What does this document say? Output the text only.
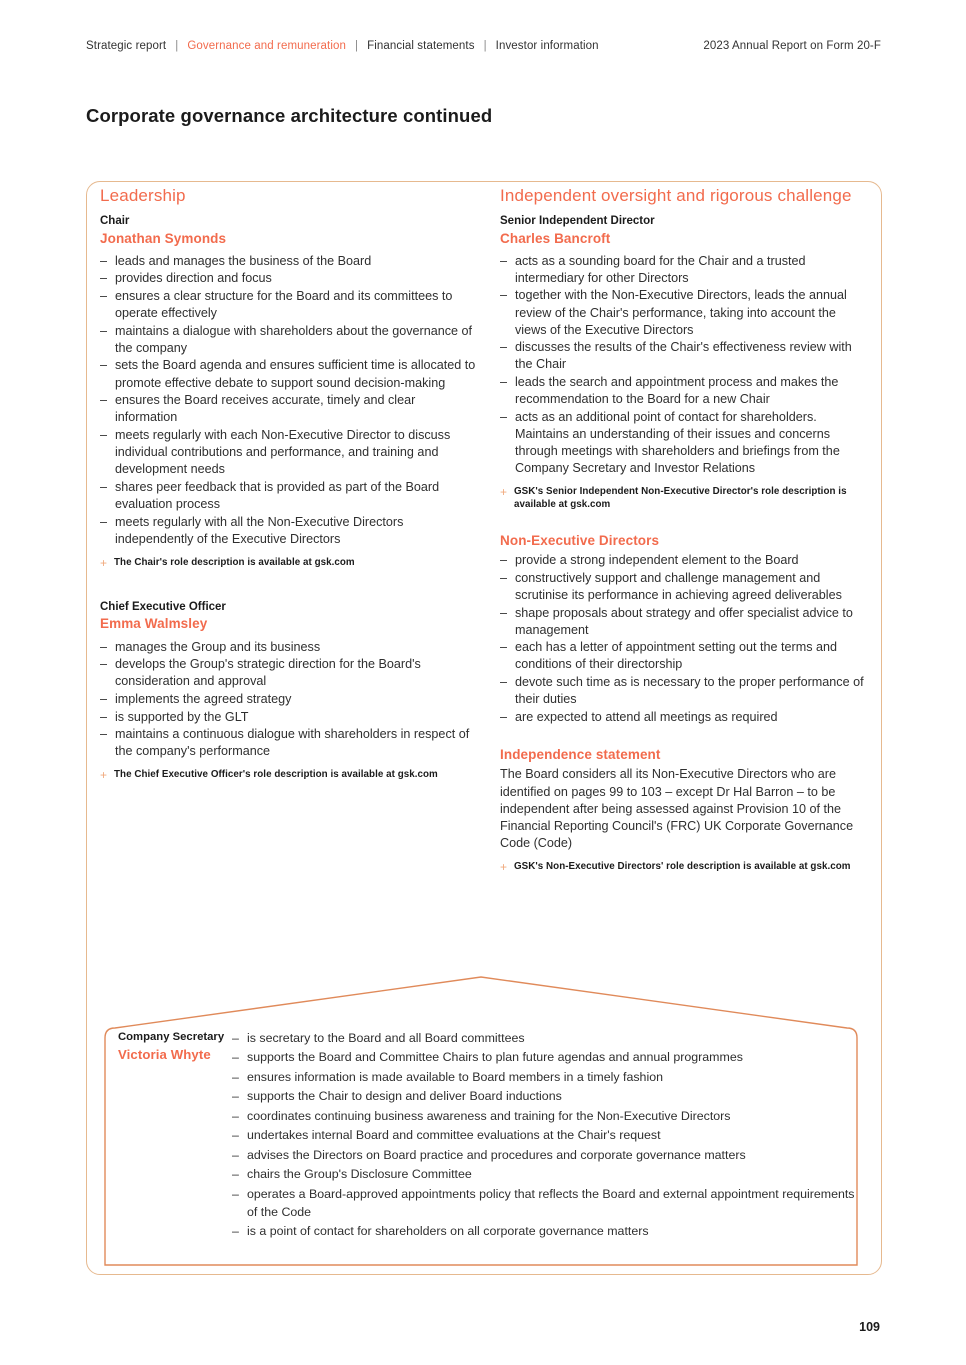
Strategic report | Governance and remuneration | Financial statements | Investor information	2023 Annual Report on Form 20-F
Corporate governance architecture continued
Leadership
Chair
Jonathan Symonds
– leads and manages the business of the Board
– provides direction and focus
– ensures a clear structure for the Board and its committees to operate effectively
– maintains a dialogue with shareholders about the governance of the company
– sets the Board agenda and ensures sufficient time is allocated to promote effective debate to support sound decision-making
– ensures the Board receives accurate, timely and clear information
– meets regularly with each Non-Executive Director to discuss individual contributions and performance, and training and development needs
– shares peer feedback that is provided as part of the Board evaluation process
– meets regularly with all the Non-Executive Directors independently of the Executive Directors
+ The Chair's role description is available at gsk.com
Chief Executive Officer
Emma Walmsley
– manages the Group and its business
– develops the Group's strategic direction for the Board's consideration and approval
– implements the agreed strategy
– is supported by the GLT
– maintains a continuous dialogue with shareholders in respect of the company's performance
+ The Chief Executive Officer's role description is available at gsk.com
Independent oversight and rigorous challenge
Senior Independent Director
Charles Bancroft
– acts as a sounding board for the Chair and a trusted intermediary for other Directors
– together with the Non-Executive Directors, leads the annual review of the Chair's performance, taking into account the views of the Executive Directors
– discusses the results of the Chair's effectiveness review with the Chair
– leads the search and appointment process and makes the recommendation to the Board for a new Chair
– acts as an additional point of contact for shareholders. Maintains an understanding of their issues and concerns through meetings with shareholders and briefings from the Company Secretary and Investor Relations
+ GSK's Senior Independent Non-Executive Director's role description is available at gsk.com
Non-Executive Directors
– provide a strong independent element to the Board
– constructively support and challenge management and scrutinise its performance in achieving agreed deliverables
– shape proposals about strategy and offer specialist advice to management
– each has a letter of appointment setting out the terms and conditions of their directorship
– devote such time as is necessary to the proper performance of their duties
– are expected to attend all meetings as required
Independence statement
The Board considers all its Non-Executive Directors who are identified on pages 99 to 103 – except Dr Hal Barron – to be independent after being assessed against Provision 10 of the Financial Reporting Council's (FRC) UK Corporate Governance Code (Code)
+ GSK's Non-Executive Directors' role description is available at gsk.com
Company Secretary
Victoria Whyte
– is secretary to the Board and all Board committees
– supports the Board and Committee Chairs to plan future agendas and annual programmes
– ensures information is made available to Board members in a timely fashion
– supports the Chair to design and deliver Board inductions
– coordinates continuing business awareness and training for the Non-Executive Directors
– undertakes internal Board and committee evaluations at the Chair's request
– advises the Directors on Board practice and procedures and corporate governance matters
– chairs the Group's Disclosure Committee
– operates a Board-approved appointments policy that reflects the Board and external appointment requirements of the Code
– is a point of contact for shareholders on all corporate governance matters
109
